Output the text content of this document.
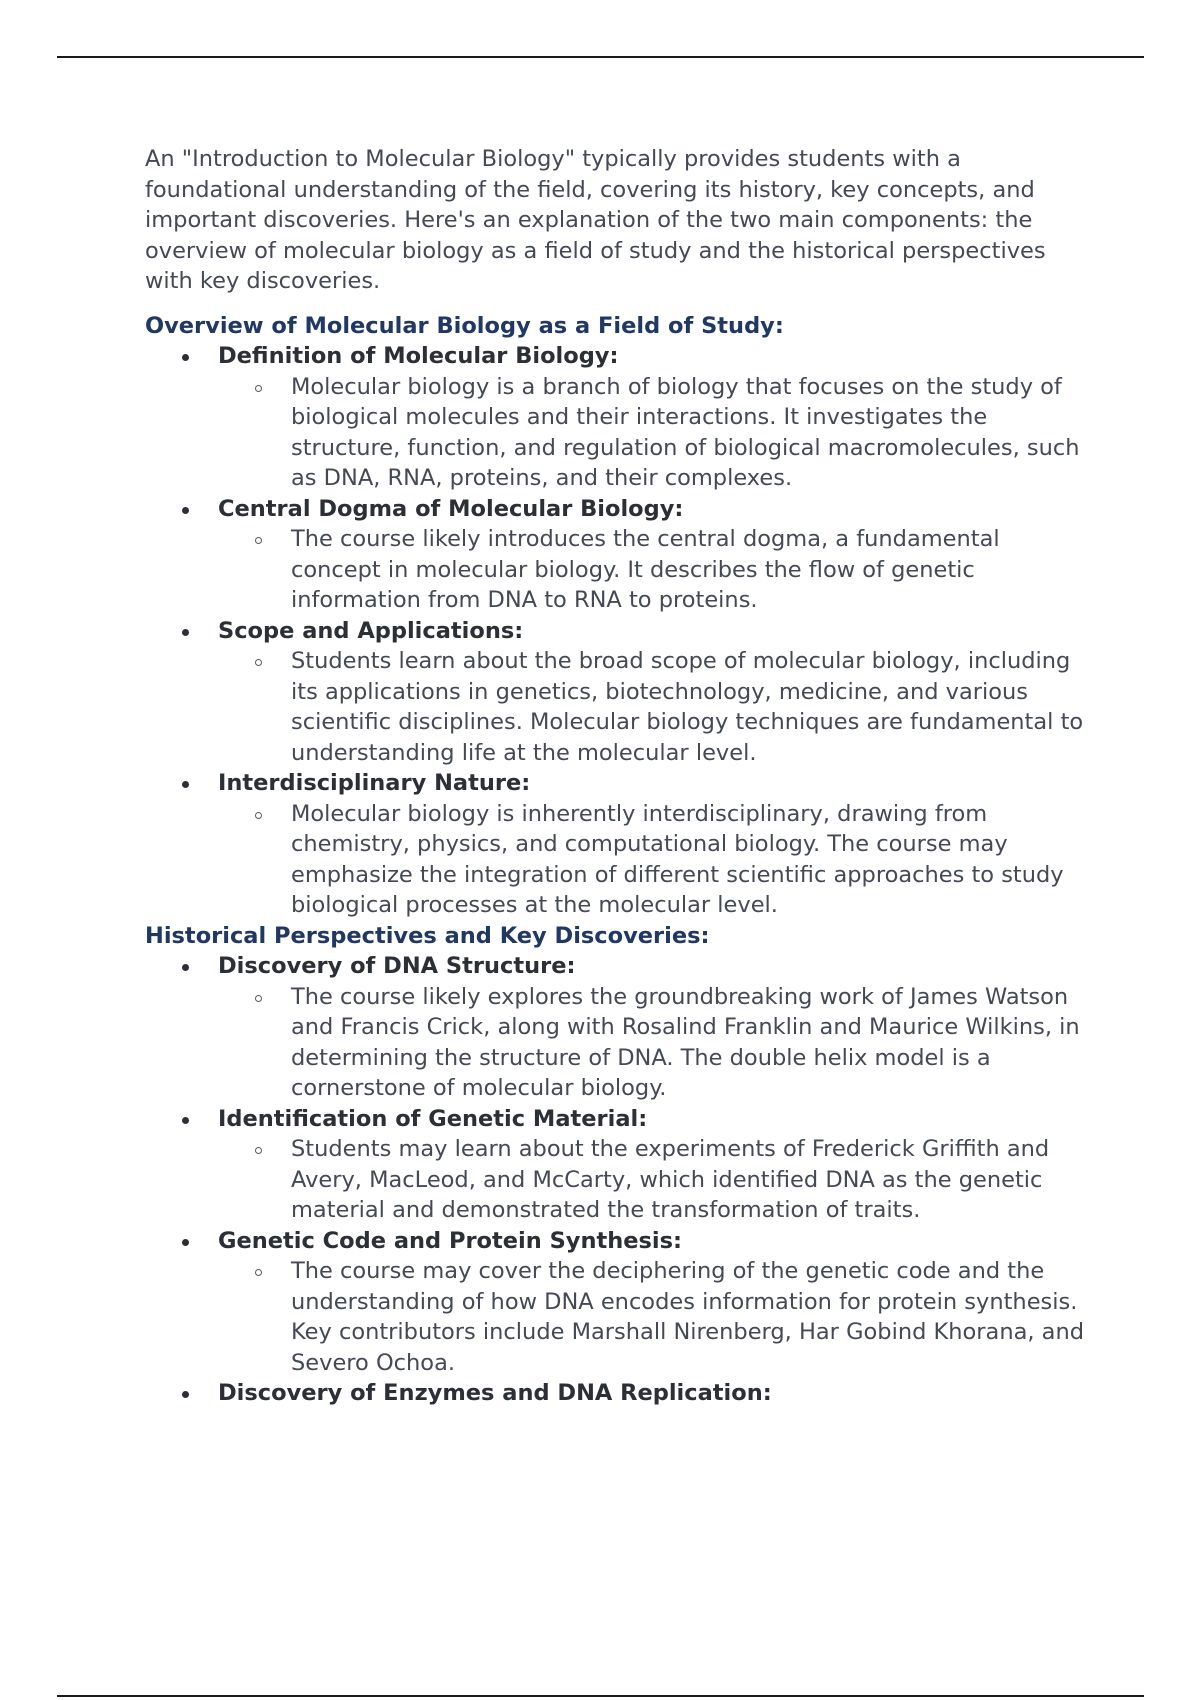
An "Introduction to Molecular Biology" typically provides students with a foundational understanding of the field, covering its history, key concepts, and important discoveries. Here's an explanation of the two main components: the overview of molecular biology as a field of study and the historical perspectives with key discoveries.

Overview of Molecular Biology as a Field of Study:
Definition of Molecular Biology:
Molecular biology is a branch of biology that focuses on the study of biological molecules and their interactions. It investigates the structure, function, and regulation of biological macromolecules, such as DNA, RNA, proteins, and their complexes.
Central Dogma of Molecular Biology:
The course likely introduces the central dogma, a fundamental concept in molecular biology. It describes the flow of genetic information from DNA to RNA to proteins.
Scope and Applications:
Students learn about the broad scope of molecular biology, including its applications in genetics, biotechnology, medicine, and various scientific disciplines. Molecular biology techniques are fundamental to understanding life at the molecular level.
Interdisciplinary Nature:
Molecular biology is inherently interdisciplinary, drawing from chemistry, physics, and computational biology. The course may emphasize the integration of different scientific approaches to study biological processes at the molecular level.
Historical Perspectives and Key Discoveries:
Discovery of DNA Structure:
The course likely explores the groundbreaking work of James Watson and Francis Crick, along with Rosalind Franklin and Maurice Wilkins, in determining the structure of DNA. The double helix model is a cornerstone of molecular biology.
Identification of Genetic Material:
Students may learn about the experiments of Frederick Griffith and Avery, MacLeod, and McCarty, which identified DNA as the genetic material and demonstrated the transformation of traits.
Genetic Code and Protein Synthesis:
The course may cover the deciphering of the genetic code and the understanding of how DNA encodes information for protein synthesis. Key contributors include Marshall Nirenberg, Har Gobind Khorana, and Severo Ochoa.
Discovery of Enzymes and DNA Replication:
